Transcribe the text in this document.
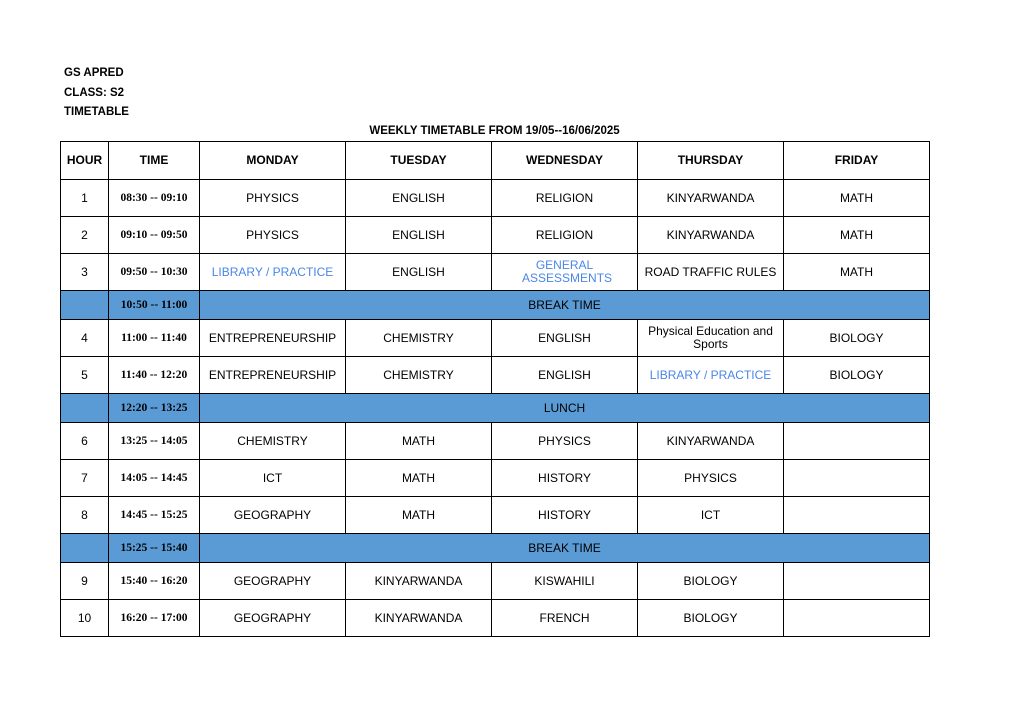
GS APRED
CLASS: S2
TIMETABLE
WEEKLY TIMETABLE FROM 19/05--16/06/2025
HOUR	TIME	MONDAY	TUESDAY	WEDNESDAY	THURSDAY	FRIDAY
1	08:30 -- 09:10	PHYSICS	ENGLISH	RELIGION	KINYARWANDA	MATH
2	09:10 -- 09:50	PHYSICS	ENGLISH	RELIGION	KINYARWANDA	MATH
3	09:50 -- 10:30	LIBRARY / PRACTICE	ENGLISH	GENERAL ASSESSMENTS	ROAD TRAFFIC RULES	MATH
	10:50 -- 11:00	BREAK TIME				
4	11:00 -- 11:40	ENTREPRENEURSHIP	CHEMISTRY	ENGLISH	Physical Education and Sports	BIOLOGY
5	11:40 -- 12:20	ENTREPRENEURSHIP	CHEMISTRY	ENGLISH	LIBRARY / PRACTICE	BIOLOGY
	12:20 -- 13:25	LUNCH				
6	13:25 -- 14:05	CHEMISTRY	MATH	PHYSICS	KINYARWANDA	
7	14:05 -- 14:45	ICT	MATH	HISTORY	PHYSICS	
8	14:45 -- 15:25	GEOGRAPHY	MATH	HISTORY	ICT	
	15:25 -- 15:40	BREAK TIME				
9	15:40 -- 16:20	GEOGRAPHY	KINYARWANDA	KISWAHILI	BIOLOGY	
10	16:20 -- 17:00	GEOGRAPHY	KINYARWANDA	FRENCH	BIOLOGY	
